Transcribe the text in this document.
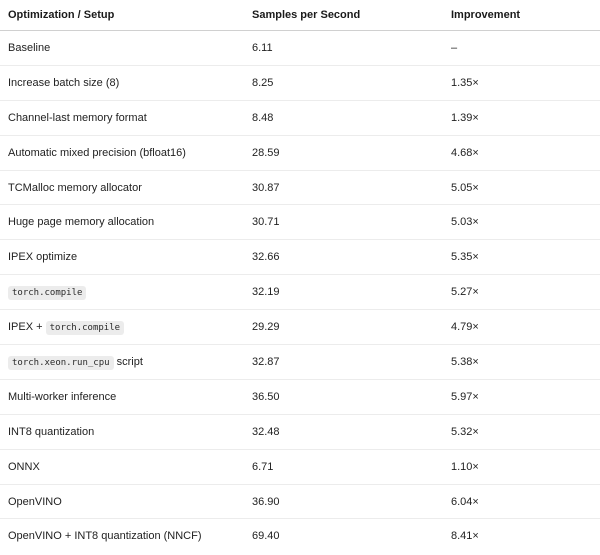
Optimization / Setup	Samples per Second	Improvement
Baseline	6.11	–
Increase batch size (8)	8.25	1.35×
Channel-last memory format	8.48	1.39×
Automatic mixed precision (bfloat16)	28.59	4.68×
TCMalloc memory allocator	30.87	5.05×
Huge page memory allocation	30.71	5.03×
IPEX optimize	32.66	5.35×
torch.compile	32.19	5.27×
IPEX + torch.compile	29.29	4.79×
torch.xeon.run_cpu script	32.87	5.38×
Multi-worker inference	36.50	5.97×
INT8 quantization	32.48	5.32×
ONNX	6.71	1.10×
OpenVINO	36.90	6.04×
OpenVINO + INT8 quantization (NNCF)	69.40	8.41×
